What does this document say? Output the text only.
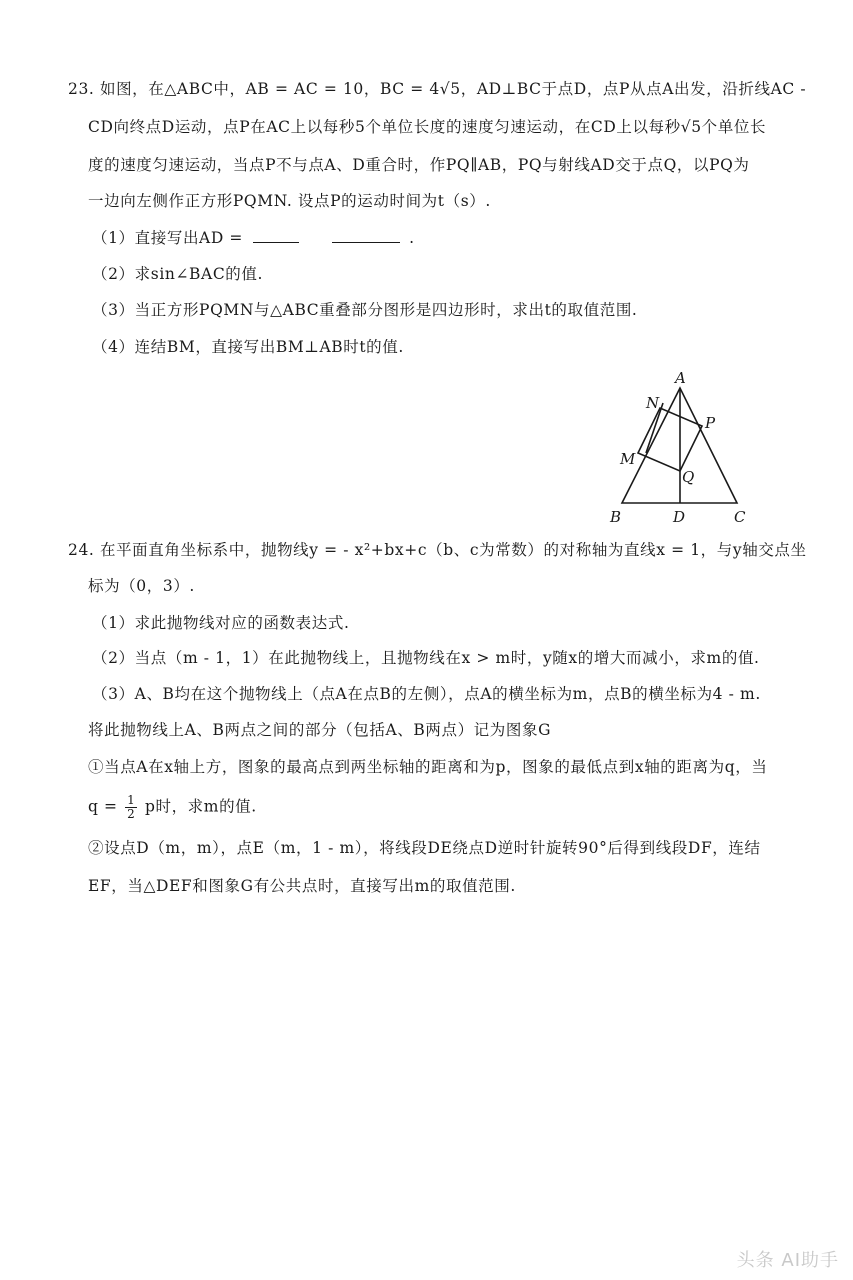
23. 如图，在△ABC中，AB = AC = 10，BC = 4√5，AD⊥BC于点D，点P从点A出发，沿折线AC -
CD向终点D运动，点P在AC上以每秒5个单位长度的速度匀速运动，在CD上以每秒√5个单位长
度的速度匀速运动，当点P不与点A、D重合时，作PQ∥AB，PQ与射线AD交于点Q，以PQ为
一边向左侧作正方形PQMN. 设点P的运动时间为t（s）.
（1）直接写出AD =	.
（2）求sin∠BAC的值.
（3）当正方形PQMN与△ABC重叠部分图形是四边形时，求出t的取值范围.
（4）连结BM，直接写出BM⊥AB时t的值.
A
N
P
M
Q
B	D	C
24. 在平面直角坐标系中，抛物线y = - x²+bx+c（b、c为常数）的对称轴为直线x = 1，与y轴交点坐
标为（0，3）.
（1）求此抛物线对应的函数表达式.
（2）当点（m - 1，1）在此抛物线上，且抛物线在x > m时，y随x的增大而减小，求m的值.
（3）A、B均在这个抛物线上（点A在点B的左侧），点A的横坐标为m，点B的横坐标为4 - m.
将此抛物线上A、B两点之间的部分（包括A、B两点）记为图象G
①当点A在x轴上方，图象的最高点到两坐标轴的距离和为p，图象的最低点到x轴的距离为q，当
$q = \frac{1}{2}$ p时，求m的值.
②设点D（m，m），点E（m，1 - m），将线段DE绕点D逆时针旋转90°后得到线段DF，连结
EF，当△DEF和图象G有公共点时，直接写出m的取值范围.
头条 AI助手
